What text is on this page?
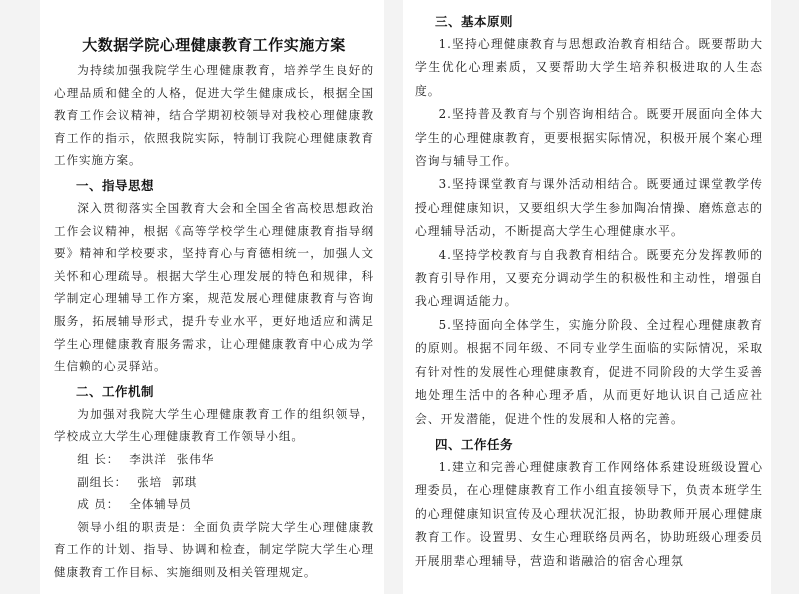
大数据学院心理健康教育工作实施方案

为持续加强我院学生心理健康教育，培养学生良好的心理品质和健全的人格，促进大学生健康成长，根据全国教育工作会议精神，结合学期初校领导对我校心理健康教育工作的指示，依照我院实际，特制订我院心理健康教育工作实施方案。

一、指导思想

深入贯彻落实全国教育大会和全国全省高校思想政治工作会议精神，根据《高等学校学生心理健康教育指导纲要》精神和学校要求，坚持育心与育德相统一，加强人文关怀和心理疏导。根据大学生心理发展的特色和规律，科学制定心理辅导工作方案，规范发展心理健康教育与咨询服务，拓展辅导形式，提升专业水平，更好地适应和满足学生心理健康教育服务需求，让心理健康教育中心成为学生信赖的心灵驿站。

二、工作机制

为加强对我院大学生心理健康教育工作的组织领导，学校成立大学生心理健康教育工作领导小组。

组 长： 李洪洋 张伟华

副组长： 张培 郭琪

成 员： 全体辅导员

领导小组的职责是：全面负责学院大学生心理健康教育工作的计划、指导、协调和检查，制定学院大学生心理健康教育工作目标、实施细则及相关管理规定。

三、基本原则

1.坚持心理健康教育与思想政治教育相结合。既要帮助大学生优化心理素质，又要帮助大学生培养积极进取的人生态度。

2.坚持普及教育与个别咨询相结合。既要开展面向全体大学生的心理健康教育，更要根据实际情况，积极开展个案心理咨询与辅导工作。

3.坚持课堂教育与课外活动相结合。既要通过课堂教学传授心理健康知识，又要组织大学生参加陶冶情操、磨炼意志的心理辅导活动，不断提高大学生心理健康水平。

4.坚持学校教育与自我教育相结合。既要充分发挥教师的教育引导作用，又要充分调动学生的积极性和主动性，增强自我心理调适能力。

5.坚持面向全体学生，实施分阶段、全过程心理健康教育的原则。根据不同年级、不同专业学生面临的实际情况，采取有针对性的发展性心理健康教育，促进不同阶段的大学生妥善地处理生活中的各种心理矛盾，从而更好地认识自己适应社会、开发潜能，促进个性的发展和人格的完善。

四、工作任务

1.建立和完善心理健康教育工作网络体系建设班级设置心理委员，在心理健康教育工作小组直接领导下，负责本班学生的心理健康知识宣传及心理状况汇报，协助教师开展心理健康教育工作。设置男、女生心理联络员两名，协助班级心理委员开展朋辈心理辅导，营造和谐融洽的宿舍心理氛
